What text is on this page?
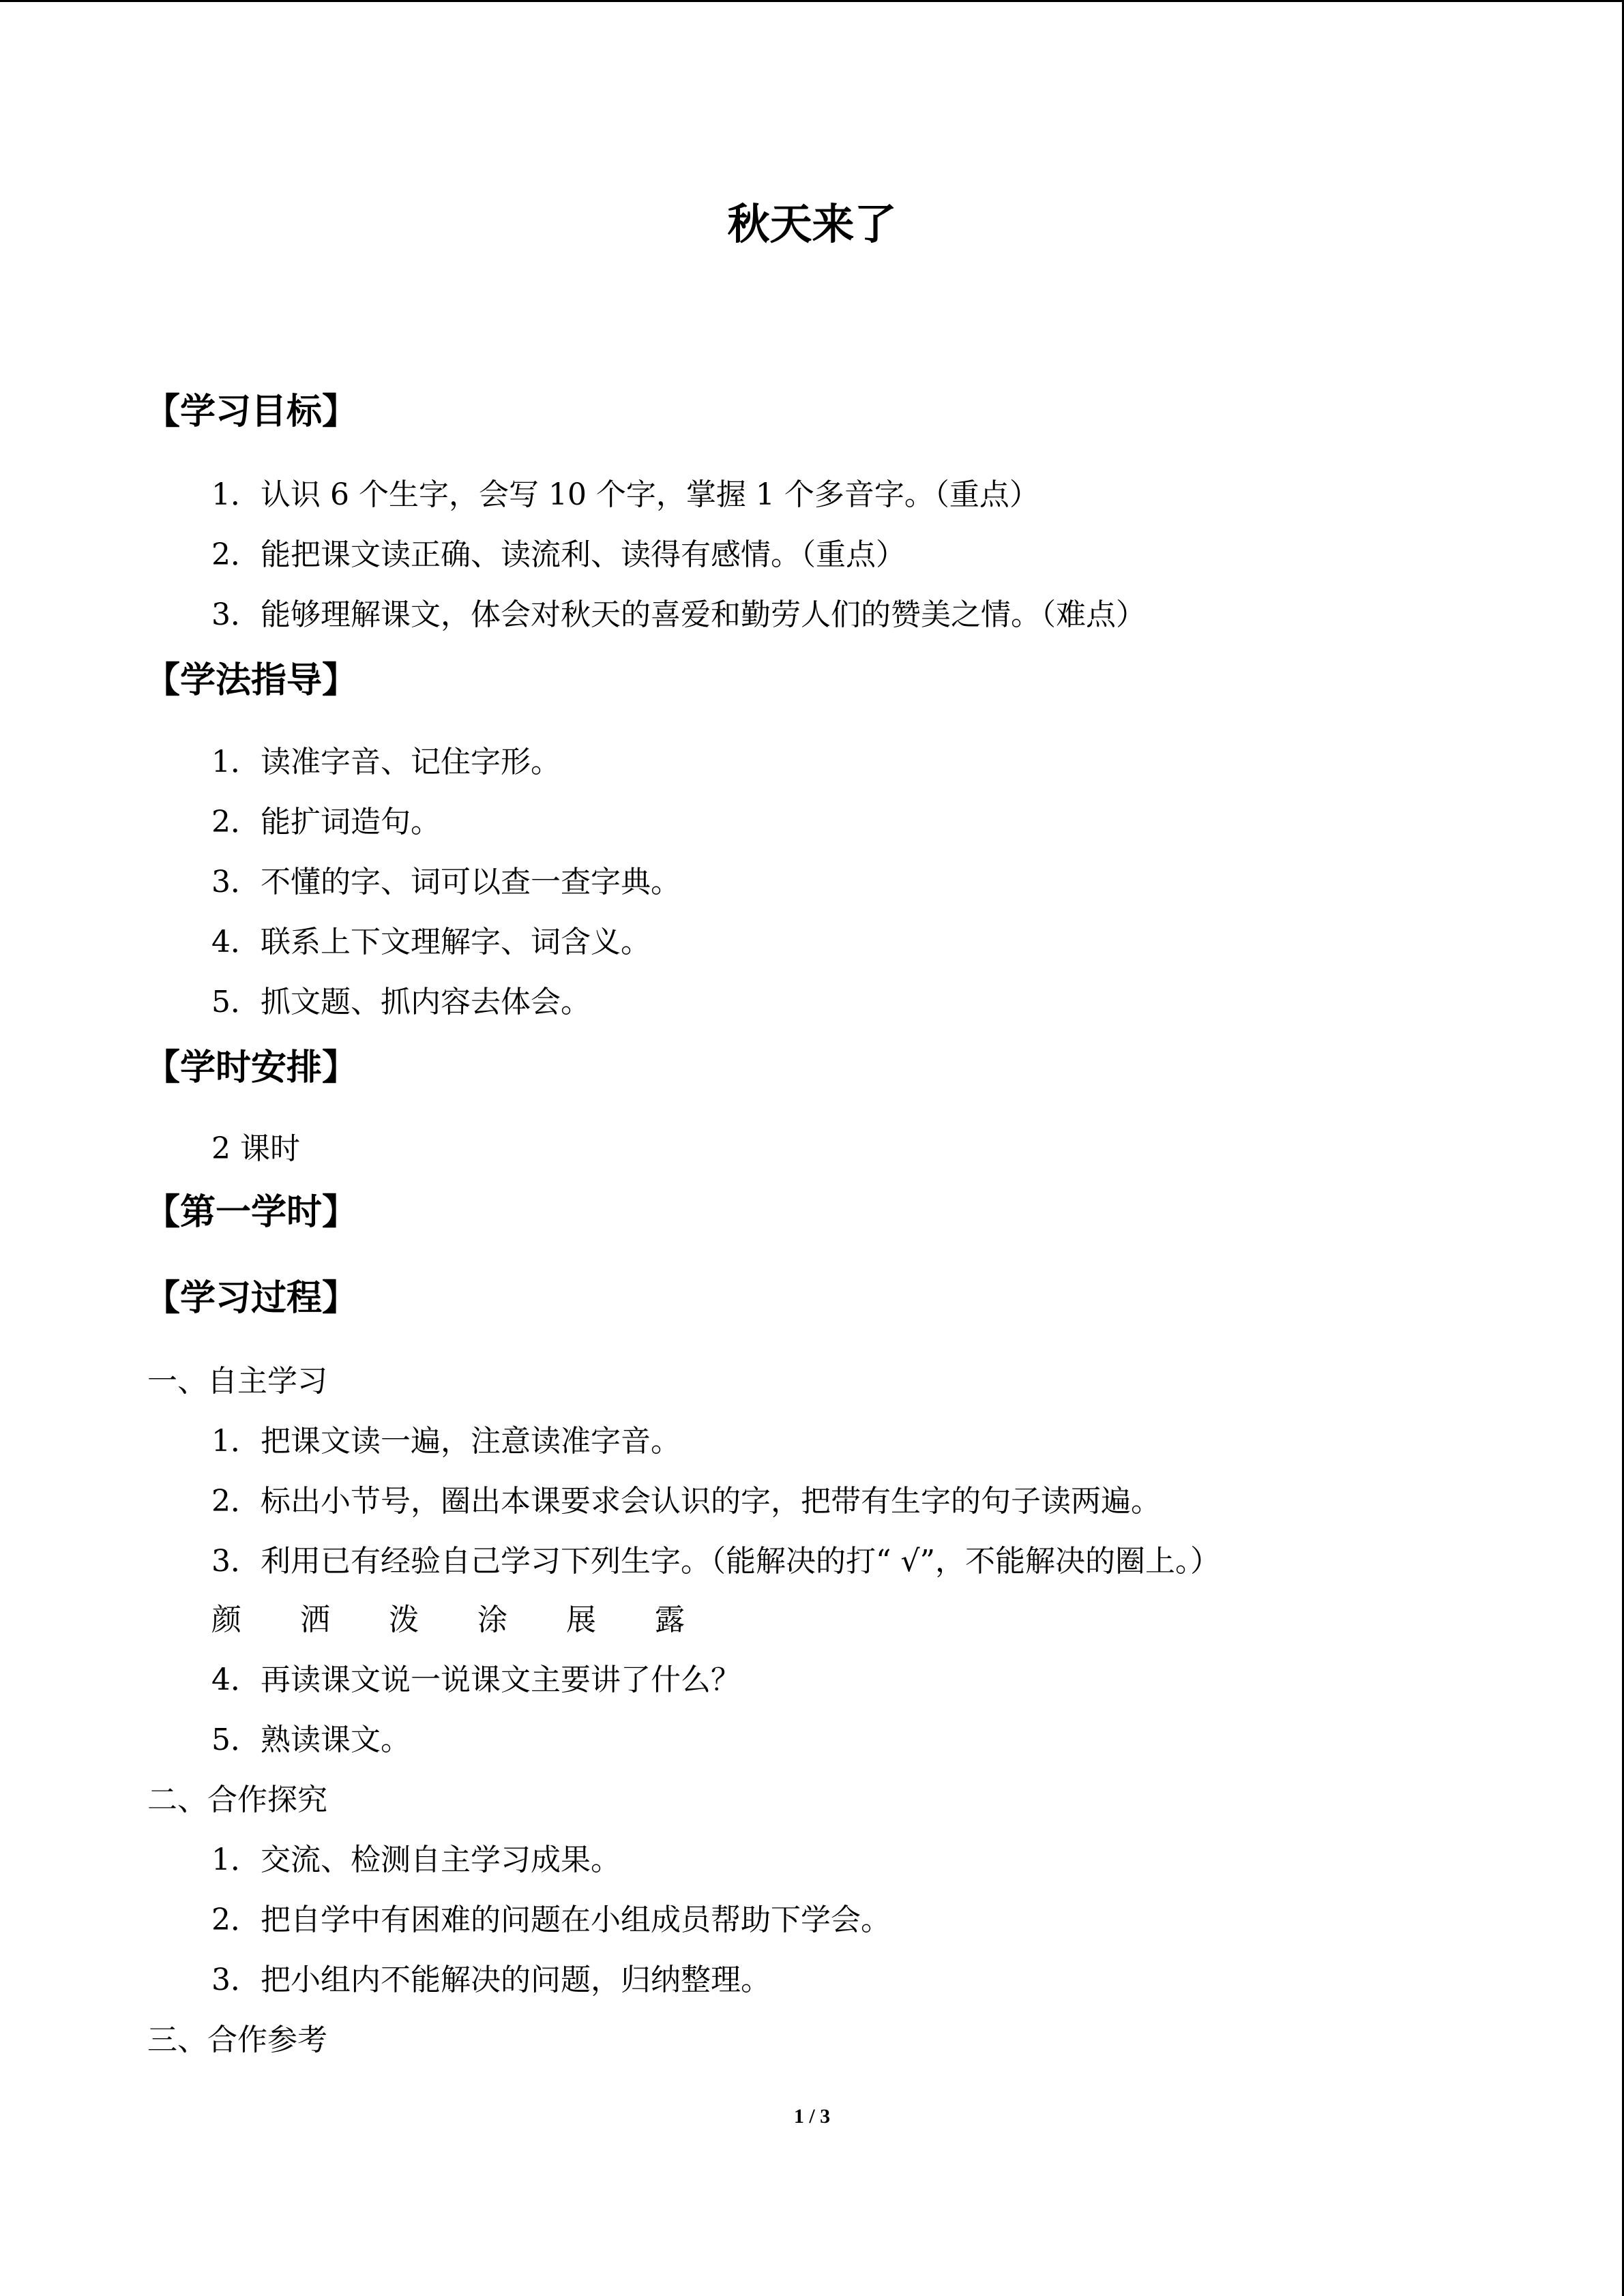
秋天来了
【学习目标】
1．认识 6 个生字，会写 10 个字，掌握 1 个多音字。（重点）
2．能把课文读正确、读流利、读得有感情。（重点）
3．能够理解课文，体会对秋天的喜爱和勤劳人们的赞美之情。（难点）
【学法指导】
1．读准字音、记住字形。
2．能扩词造句。
3．不懂的字、词可以查一查字典。
4．联系上下文理解字、词含义。
5．抓文题、抓内容去体会。
【学时安排】
2 课时
【第一学时】
【学习过程】
一、自主学习
1．把课文读一遍，注意读准字音。
2．标出小节号，圈出本课要求会认识的字，把带有生字的句子读两遍。
3．利用已有经验自己学习下列生字。（能解决的打“ √”，不能解决的圈上。）
颜 洒 泼 涂 展 露
4．再读课文说一说课文主要讲了什么？
5．熟读课文。
二、合作探究
1．交流、检测自主学习成果。
2．把自学中有困难的问题在小组成员帮助下学会。
3．把小组内不能解决的问题，归纳整理。
三、合作参考
1 / 3
